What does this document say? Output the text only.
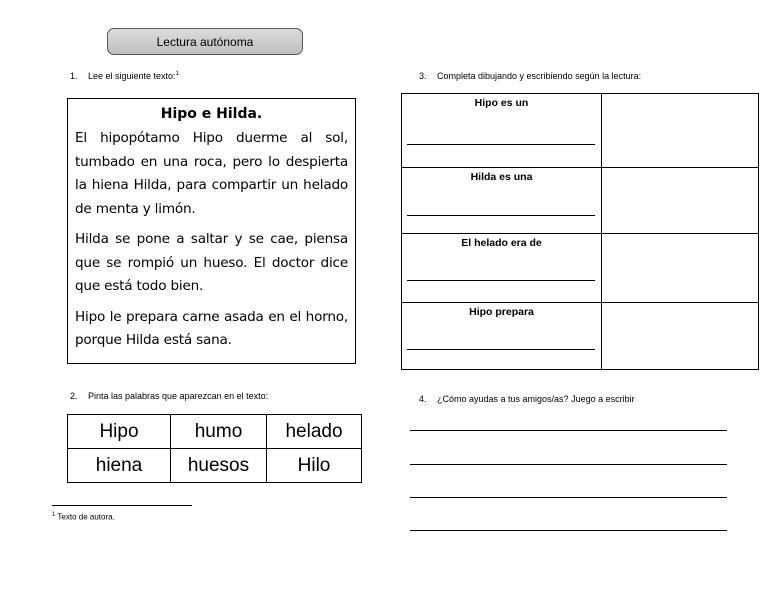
Lectura autónoma
1.	Lee el siguiente texto:$^1$
Hipo e Hilda.

El hipopótamo Hipo duerme al sol, tumbado en una roca, pero lo despierta la hiena Hilda, para compartir un helado de menta y limón.

Hilda se pone a saltar y se cae, piensa que se rompió un hueso. El doctor dice que está todo bien.

Hipo le prepara carne asada en el horno, porque Hilda está sana.

2.	Pinta las palabras que aparezcan en el texto:
Hipo	humo	helado
hiena	huesos	Hilo
3.	Completa dibujando y escribiendo según la lectura:
Hipo es un	

Hilda es una	

El helado era de	

Hipo prepara	

4.	¿Cómo ayudas a tus amigos/as? Juego a escribir
$^1$ Texto de autora.
